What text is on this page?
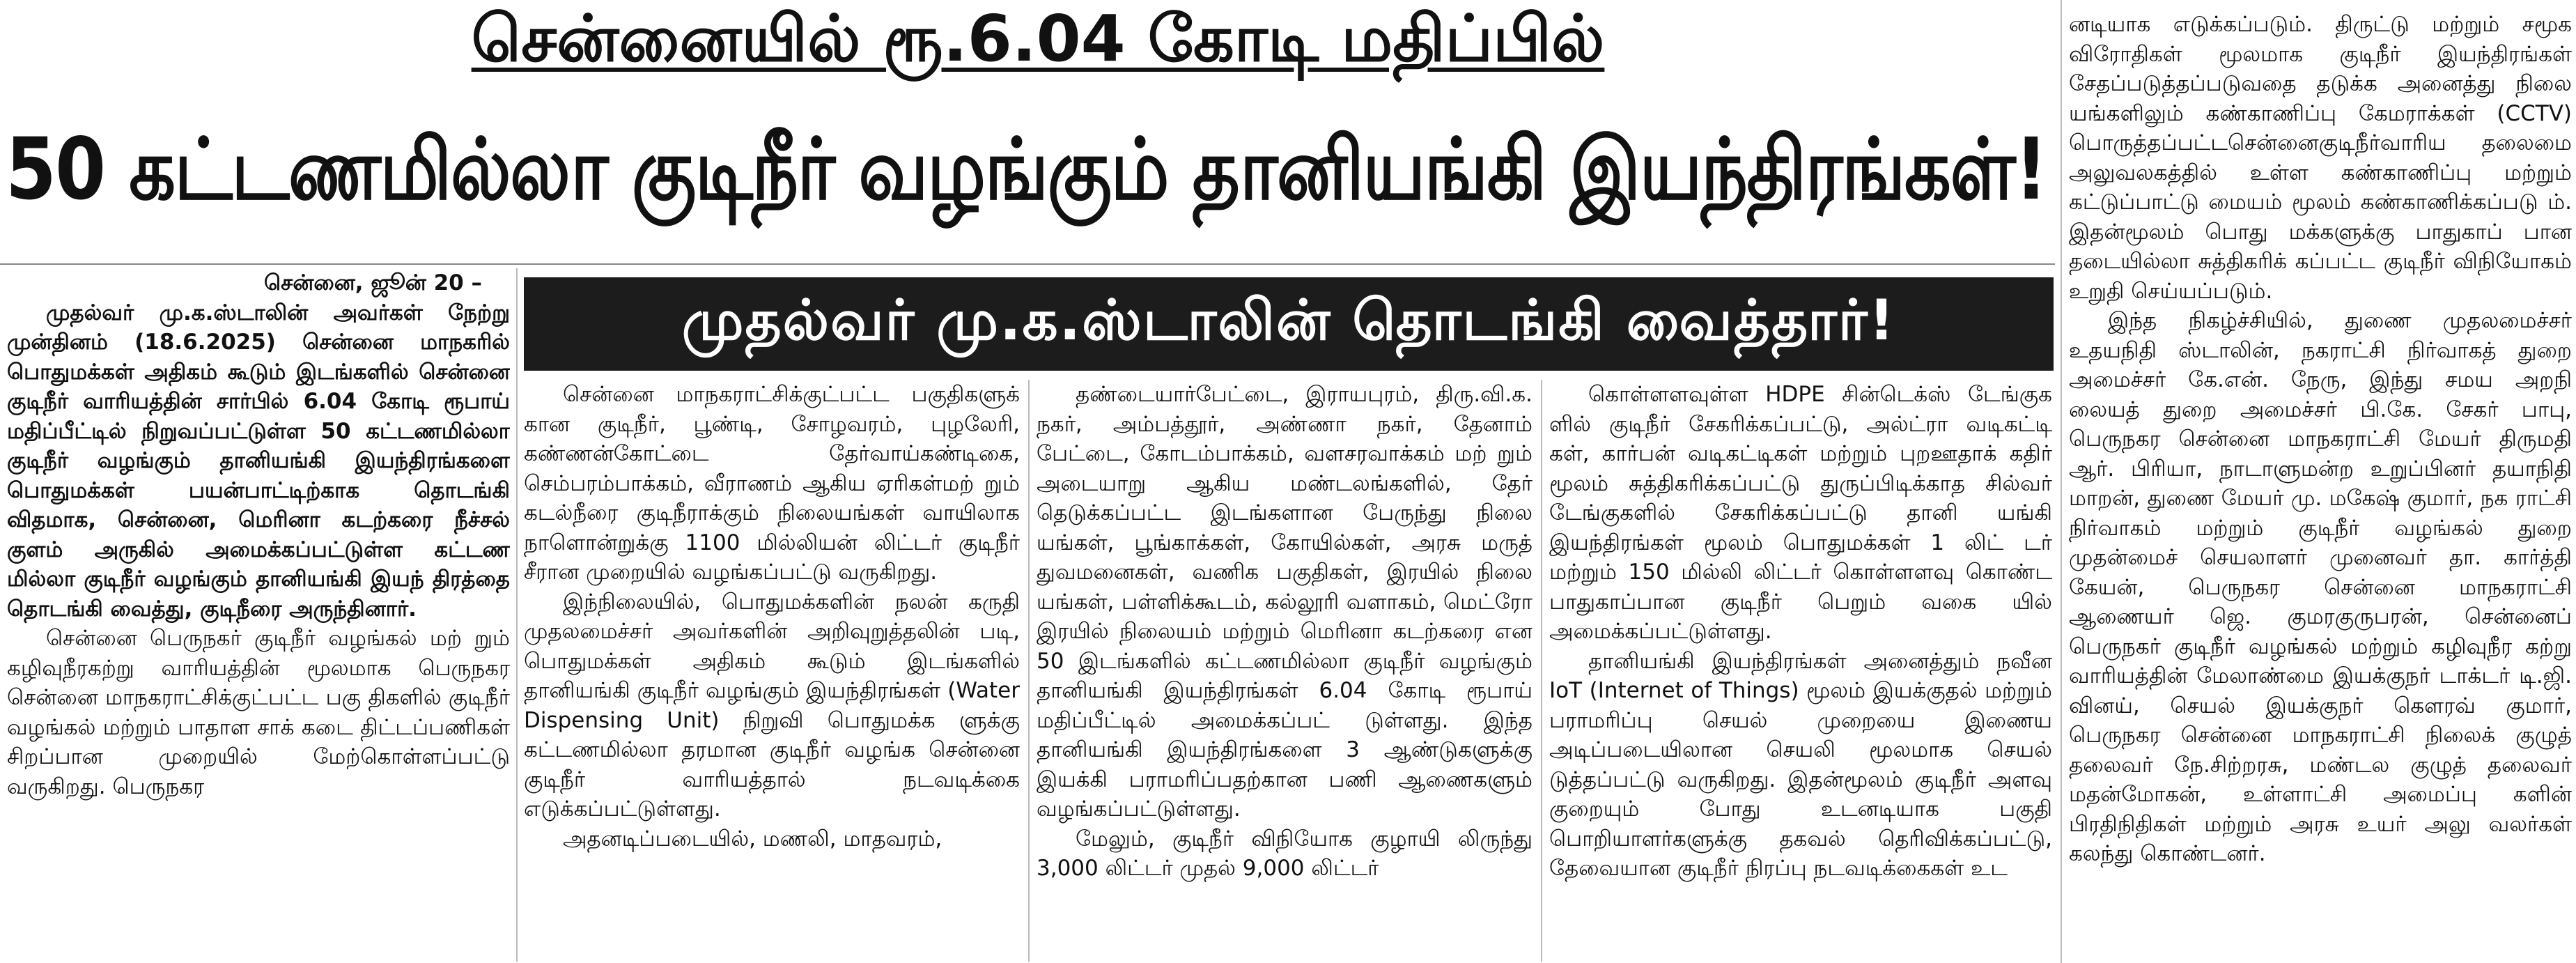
சென்னையில் ரூ.6.04 கோடி மதிப்பில்
50 கட்டணமில்லா குடிநீர் வழங்கும் தானியங்கி இயந்திரங்கள்!
முதல்வர் மு.க.ஸ்டாலின் தொடங்கி வைத்தார்!

சென்னை, ஜூன் 20 –

முதல்வர் மு.க.ஸ்டாலின் அவர்கள் நேற்று முன்தினம் (18.6.2025) சென்னை மாநகரில் பொதுமக்கள் அதிகம் கூடும் இடங்களில் சென்னை குடிநீர் வாரியத்தின் சார்பில் 6.04 கோடி ரூபாய் மதிப்பீட்டில் நிறுவப்பட்டுள்ள 50 கட்டணமில்லா குடிநீர் வழங்கும் தானியங்கி இயந்திரங்களை பொதுமக்கள் பயன்பாட்டிற்காக தொடங்கி விதமாக, சென்னை, மெரினா கடற்கரை நீச்சல் குளம் அருகில் அமைக்கப்பட்டுள்ள கட்டண மில்லா குடிநீர் வழங்கும் தானியங்கி இயந் திரத்தை தொடங்கி வைத்து, குடிநீரை அருந்தினார்.

சென்னை பெருநகர் குடிநீர் வழங்கல் மற் றும் கழிவுநீரகற்று வாரியத்தின் மூலமாக பெருநகர சென்னை மாநகராட்சிக்குட்பட்ட பகு திகளில் குடிநீர் வழங்கல் மற்றும் பாதாள சாக் கடை திட்டப்பணிகள் சிறப்பான முறையில் மேற்கொள்ளப்பட்டு வருகிறது. பெருநகர

சென்னை மாநகராட்சிக்குட்பட்ட பகுதிகளுக் கான குடிநீர், பூண்டி, சோழவரம், புழலேரி, கண்ணன்கோட்டை தேர்வாய்கண்டிகை, செம்பரம்பாக்கம், வீராணம் ஆகிய ஏரிகள்மற் றும் கடல்நீரை குடிநீராக்கும் நிலையங்கள் வாயிலாக நாளொன்றுக்கு 1100 மில்லியன் லிட்டர் குடிநீர் சீரான முறையில் வழங்கப்பட்டு வருகிறது.

இந்நிலையில், பொதுமக்களின் நலன் கருதி முதலமைச்சர் அவர்களின் அறிவுறுத்தலின் படி, பொதுமக்கள் அதிகம் கூடும் இடங்களில் தானியங்கி குடிநீர் வழங்கும் இயந்திரங்கள் (Water Dispensing Unit) நிறுவி பொதுமக்க ளுக்கு கட்டணமில்லா தரமான குடிநீர் வழங்க சென்னை குடிநீர் வாரியத்தால் நடவடிக்கை எடுக்கப்பட்டுள்ளது.

அதனடிப்படையில், மணலி, மாதவரம்,

தண்டையார்பேட்டை, இராயபுரம், திரு.வி.க. நகர், அம்பத்தூர், அண்ணா நகர், தேனாம் பேட்டை, கோடம்பாக்கம், வளசரவாக்கம் மற் றும் அடையாறு ஆகிய மண்டலங்களில், தேர் தெடுக்கப்பட்ட இடங்களான பேருந்து நிலை யங்கள், பூங்காக்கள், கோயில்கள், அரசு மருத் துவமனைகள், வணிக பகுதிகள், இரயில் நிலை யங்கள், பள்ளிக்கூடம், கல்லூரி வளாகம், மெட்ரோ இரயில் நிலையம் மற்றும் மெரினா கடற்கரை என 50 இடங்களில் கட்டணமில்லா குடிநீர் வழங்கும் தானியங்கி இயந்திரங்கள் 6.04 கோடி ரூபாய் மதிப்பீட்டில் அமைக்கப்பட் டுள்ளது. இந்த தானியங்கி இயந்திரங்களை 3 ஆண்டுகளுக்கு இயக்கி பராமரிப்பதற்கான பணி ஆணைகளும் வழங்கப்பட்டுள்ளது.

மேலும், குடிநீர் விநியோக குழாயி லிருந்து 3,000 லிட்டர் முதல் 9,000 லிட்டர்

கொள்ளளவுள்ள HDPE சின்டெக்ஸ் டேங்குக ளில் குடிநீர் சேகரிக்கப்பட்டு, அல்ட்ரா வடிகட்டி கள், கார்பன் வடிகட்டிகள் மற்றும் புறஊதாக் கதிர் மூலம் சுத்திகரிக்கப்பட்டு துருப்பிடிக்காத சில்வர் டேங்குகளில் சேகரிக்கப்பட்டு தானி யங்கி இயந்திரங்கள் மூலம் பொதுமக்கள் 1 லிட் டர் மற்றும் 150 மில்லி லிட்டர் கொள்ளளவு கொண்ட பாதுகாப்பான குடிநீர் பெறும் வகை யில் அமைக்கப்பட்டுள்ளது.

தானியங்கி இயந்திரங்கள் அனைத்தும் நவீன IoT (Internet of Things) மூலம் இயக்குதல் மற்றும் பராமரிப்பு செயல் முறையை இணைய அடிப்படையிலான செயலி மூலமாக செயல் டுத்தப்பட்டு வருகிறது. இதன்மூலம் குடிநீர் அளவு குறையும் போது உடனடியாக பகுதி பொறியாளர்களுக்கு தகவல் தெரிவிக்கப்பட்டு, தேவையான குடிநீர் நிரப்பு நடவடிக்கைகள் உட

னடியாக எடுக்கப்படும். திருட்டு மற்றும் சமூக விரோதிகள் மூலமாக குடிநீர் இயந்திரங்கள் சேதப்படுத்தப்படுவதை தடுக்க அனைத்து நிலை யங்களிலும் கண்காணிப்பு கேமராக்கள் (CCTV) பொருத்தப்பட்டசென்னைகுடிநீர்வாரிய தலைமை அலுவலகத்தில் உள்ள கண்காணிப்பு மற்றும் கட்டுப்பாட்டு மையம் மூலம் கண்காணிக்கப்படு ம். இதன்மூலம் பொது மக்களுக்கு பாதுகாப் பான தடையில்லா சுத்திகரிக் கப்பட்ட குடிநீர் விநியோகம் உறுதி செய்யப்படும்.

இந்த நிகழ்ச்சியில், துணை முதலமைச்சர் உதயநிதி ஸ்டாலின், நகராட்சி நிர்வாகத் துறை அமைச்சர் கே.என். நேரு, இந்து சமய அறநி லையத் துறை அமைச்சர் பி.கே. சேகர் பாபு, பெருநகர சென்னை மாநகராட்சி மேயர் திருமதி ஆர். பிரியா, நாடாளுமன்ற உறுப்பினர் தயாநிதி மாறன், துணை மேயர் மு. மகேஷ் குமார், நக ராட்சி நிர்வாகம் மற்றும் குடிநீர் வழங்கல் துறை முதன்மைச் செயலாளர் முனைவர் தா. கார்த்தி கேயன், பெருநகர சென்னை மாநகராட்சி ஆணையர் ஜெ. குமரகுருபரன், சென்னைப் பெருநகர் குடிநீர் வழங்கல் மற்றும் கழிவுநீர கற்று வாரியத்தின் மேலாண்மை இயக்குநர் டாக்டர் டி.ஜி. வினய், செயல் இயக்குநர் கௌரவ் குமார், பெருநகர சென்னை மாநகராட்சி நிலைக் குழுத் தலைவர் நே.சிற்றரசு, மண்டல குழுத் தலைவர் மதன்மோகன், உள்ளாட்சி அமைப்பு களின் பிரதிநிதிகள் மற்றும் அரசு உயர் அலு வலர்கள் கலந்து கொண்டனர்.
